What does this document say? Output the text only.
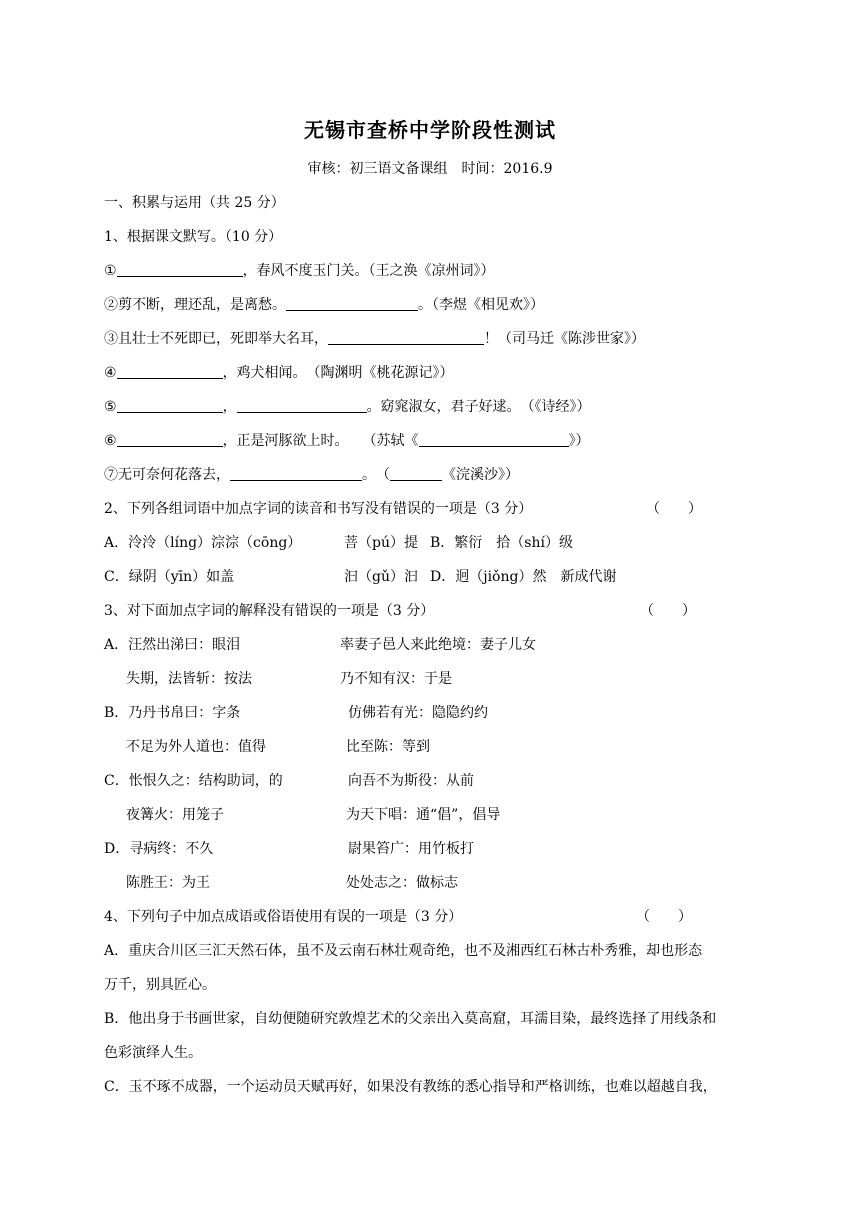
无锡市查桥中学阶段性测试
审核：初三语文备课组　时间：2016.9
一、积累与运用（共 25 分）
1、根据课文默写。（10 分）
①	，春风不度玉门关。（王之涣《凉州词》）
②剪不断，理还乱，是离愁。	。（李煜《相见欢》）
③且壮士不死即已，死即举大名耳，	！（司马迁《陈涉世家》）
④	，鸡犬相闻。　（陶渊明《桃花源记》）
⑤	，	。窈窕淑女，君子好逑。　（《诗经》）
⑥	，正是河豚欲上时。　　（苏轼《	》）
⑦无可奈何花落去，	。　（	《浣溪沙》）
2、下列各组词语中加点字词的读音和书写没有错误的一项是（3 分）	（　　）
A．泠泠（líng）淙淙（cōng）	菩（pú）提 B．繁衍　拾（shí）级
C．绿阴（yīn）如盖	汩（gǔ）汩 D．迥（jiǒng）然　新成代谢
3、对下面加点字词的解释没有错误的一项是（3 分）	（　　）
A．汪然出涕曰：眼泪	率妻子邑人来此绝境：妻子儿女
失期，法皆斩：按法	乃不知有汉：于是
B．乃丹书帛曰：字条	仿佛若有光：隐隐约约
不足为外人道也：值得	比至陈：等到
C．怅恨久之：结构助词，的	向吾不为斯役：从前
夜篝火：用笼子	为天下唱：通“倡”，倡导
D．寻病终：不久	尉果笞广：用竹板打
陈胜王：为王	处处志之：做标志
4、下列句子中加点成语或俗语使用有误的一项是（3 分）	（　　）
A．重庆合川区三汇天然石体，虽不及云南石林壮观奇绝，也不及湘西红石林古朴秀雅，却也形态
万千，别具匠心。
B．他出身于书画世家，自幼便随研究敦煌艺术的父亲出入莫高窟，耳濡目染，最终选择了用线条和
色彩演绎人生。
C．玉不琢不成器，一个运动员天赋再好，如果没有教练的悉心指导和严格训练，也难以超越自我，
